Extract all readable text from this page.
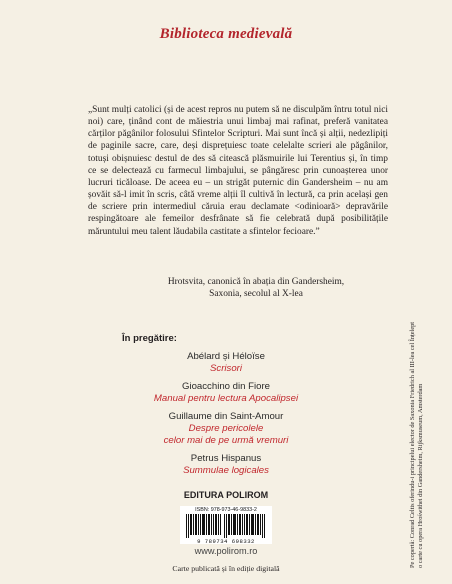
Biblioteca medievală

„Sunt mulți catolici (și de acest repros nu putem să ne disculpăm întru totul nici noi) care, ținând cont de măiestria unui limbaj mai rafinat, preferă vanitatea cărților păgânilor folosului Sfintelor Scripturi. Mai sunt încă și alții, nedezlipiți de paginile sacre, care, deși disprețuiesc toate celelalte scrieri ale păgânilor, totuși obișnuiesc destul de des să citească plăsmuirile lui Terentius și, în timp ce se delectează cu farmecul limbajului, se pângăresc prin cunoașterea unor lucruri ticăloase. De aceea eu – un strigăt puternic din Gandersheim – nu am șovăit să-l imit în scris, câtă vreme alții îl cultivă în lectură, ca prin același gen de scriere prin intermediul căruia erau declamate <odinioară> depravările respingătoare ale femeilor desfrânate să fie celebrată după posibilitățile măruntului meu talent lăudabila castitate a sfintelor fecioare.”

Hrotsvita, canonică în abația din Gandersheim,
Saxonia, secolul al X-lea
În pregătire:
Abélard și Héloïse
Scrisori
Gioacchino din Fiore
Manual pentru lectura Apocalipsei
Guillaume din Saint-Amour
Despre pericolele
celor mai de pe urmă vremuri
Petrus Hispanus
Summulae logicales
EDITURA POLIROM
ISBN: 978-973-46-9833-2
9 789734 698332
www.polirom.ro
Carte publicată și în ediție digitală
Pe copertă: Conrad Celtis oferindu-i principelui elector de Saxonia Friedrich al III-lea cel Înțelept o carte cu opera Hroświthei din Gandersheim, Rijksmuseum, Amsterdam
